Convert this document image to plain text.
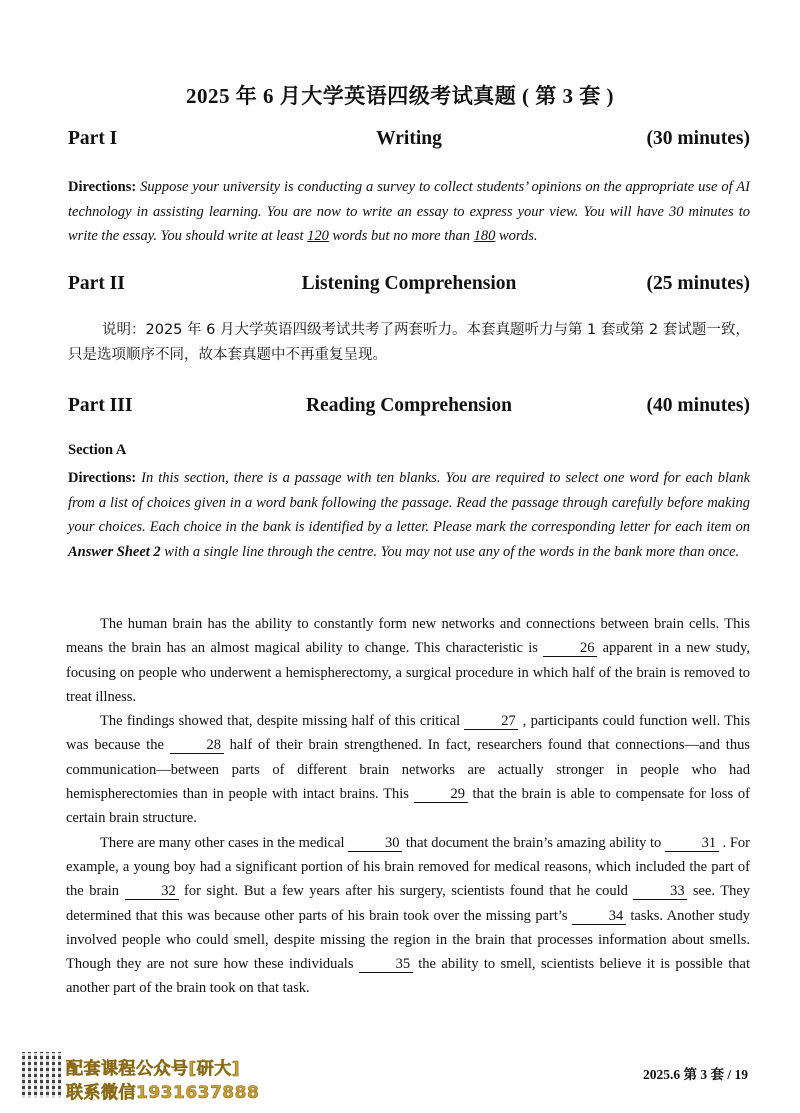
2025 年 6 月大学英语四级考试真题 ( 第 3 套 )
Part I	Writing	(30 minutes)
Directions: Suppose your university is conducting a survey to collect students’ opinions on the appropriate use of AI technology in assisting learning. You are now to write an essay to express your view. You will have 30 minutes to write the essay. You should write at least 120 words but no more than 180 words.
Part II	Listening Comprehension	(25 minutes)
说明：2025 年 6 月大学英语四级考试共考了两套听力。本套真题听力与第 1 套或第 2 套试题一致，只是选项顺序不同，故本套真题中不再重复呈现。
Part III	Reading Comprehension	(40 minutes)
Section A
Directions: In this section, there is a passage with ten blanks. You are required to select one word for each blank from a list of choices given in a word bank following the passage. Read the passage through carefully before making your choices. Each choice in the bank is identified by a letter. Please mark the corresponding letter for each item on Answer Sheet 2 with a single line through the centre. You may not use any of the words in the bank more than once.

The human brain has the ability to constantly form new networks and connections between brain cells. This means the brain has an almost magical ability to change. This characteristic is	26 apparent in a new study, focusing on people who underwent a hemispherectomy, a surgical procedure in which half of the brain is removed to treat illness.

The findings showed that, despite missing half of this critical	27 , participants could function well. This was because the	28 half of their brain strengthened. In fact, researchers found that connections—and thus communication—between parts of different brain networks are actually stronger in people who had hemispherectomies than in people with intact brains. This	29 that the brain is able to compensate for loss of certain brain structure.

There are many other cases in the medical	30 that document the brain’s amazing ability to	31 . For example, a young boy had a significant portion of his brain removed for medical reasons, which included the part of the brain	32 for sight. But a few years after his surgery, scientists found that he could	33 see. They determined that this was because other parts of his brain took over the missing part’s	34 tasks. Another study involved people who could smell, despite missing the region in the brain that processes information about smells. Though they are not sure how these individuals	35 the ability to smell, scientists believe it is possible that another part of the brain took on that task.

配套课程公众号[研大]
联系微信1931637888
2025.6 第 3 套 / 19
